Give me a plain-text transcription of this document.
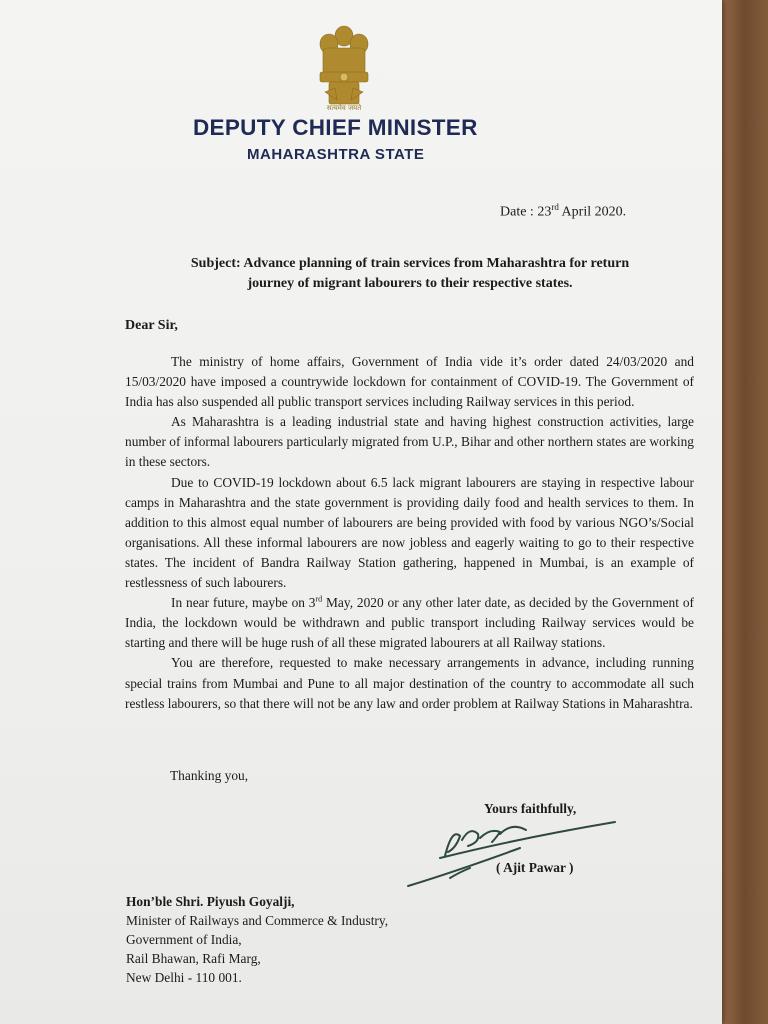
सत्यमेव जयते
DEPUTY CHIEF MINISTER
MAHARASHTRA STATE
Date : 23rd April 2020.
Subject: Advance planning of train services from Maharashtra for return
journey of migrant labourers to their respective states.
Dear Sir,

The ministry of home affairs, Government of India vide it’s order dated 24/03/2020 and 15/03/2020 have imposed a countrywide lockdown for containment of COVID-19. The Government of India has also suspended all public transport services including Railway services in this period.

As Maharashtra is a leading industrial state and having highest construction activities, large number of informal labourers particularly migrated from U.P., Bihar and other northern states are working in these sectors.

Due to COVID-19 lockdown about 6.5 lack migrant labourers are staying in respective labour camps in Maharashtra and the state government is providing daily food and health services to them. In addition to this almost equal number of labourers are being provided with food by various NGO’s/Social organisations. All these informal labourers are now jobless and eagerly waiting to go to their respective states. The incident of Bandra Railway Station gathering, happened in Mumbai, is an example of restlessness of such labourers.

In near future, maybe on 3rd May, 2020 or any other later date, as decided by the Government of India, the lockdown would be withdrawn and public transport including Railway services would be starting and there will be huge rush of all these migrated labourers at all Railway stations.

You are therefore, requested to make necessary arrangements in advance, including running special trains from Mumbai and Pune to all major destination of the country to accommodate all such restless labourers, so that there will not be any law and order problem at Railway Stations in Maharashtra.

Thanking you,
Yours faithfully,
( Ajit Pawar )
Hon’ble Shri. Piyush Goyalji,
Minister of Railways and Commerce & Industry,
Government of India,
Rail Bhawan, Rafi Marg,
New Delhi - 110 001.
